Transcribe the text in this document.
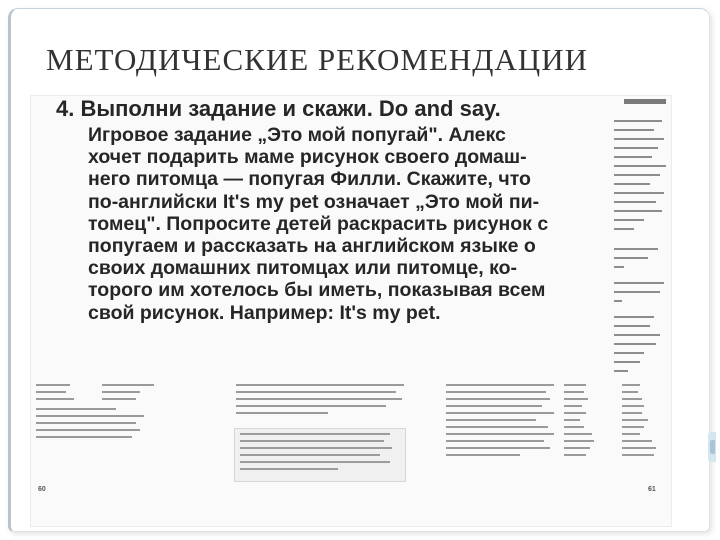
МЕТОДИЧЕСКИЕ РЕКОМЕНДАЦИИ
4. Выполни задание и скажи. Do and say.
Игровое задание „Это мой попугай". Алекс
хочет подарить маме рисунок своего домаш-
него питомца — попугая Филли. Скажите, что
по-английски It's my pet означает „Это мой пи-
томец". Попросите детей раскрасить рисунок с
попугаем и рассказать на английском языке о
своих домашних питомцах или питомце, ко-
торого им хотелось бы иметь, показывая всем
свой рисунок. Например: It's my pet.
60	61
